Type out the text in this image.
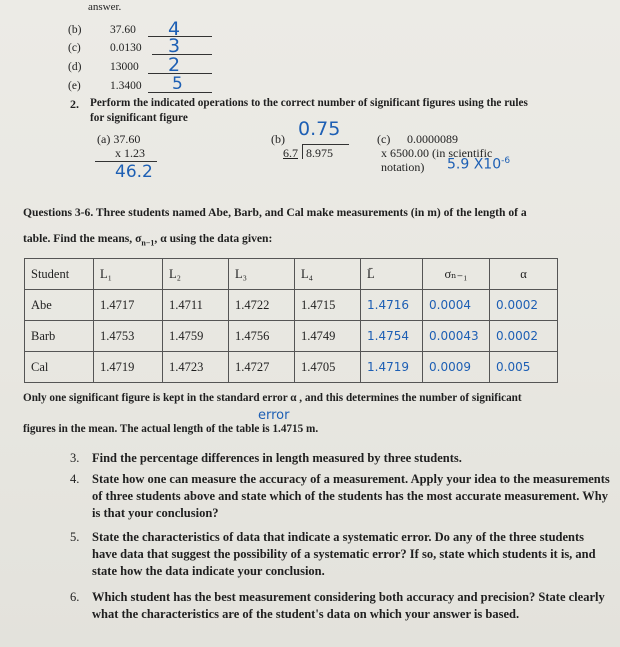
answer.
(b) 37.60 4
(c)	0.0130 3
(d) 13000 2
(e)	1.3400 5
2. Perform the indicated operations to the correct number of significant figures using the rules
for significant figure
(a) 37.60
x 1.23
46.2
(b) 0.75
6.7 8.975
(c) 0.0000089
x 6500.00 (in scientific
notation) 5.9 $X10^{-6}$
Questions 3-6. Three students named Abe, Barb, and Cal make measurements (in m) of the length of a
table. Find the means, $\sigma_{n-1}$, α using the data given:
Student	L₁	L₂	L₃	L₄	L̄	σₙ₋₁	α
Abe	1.4717	1.4711	1.4722	1.4715	1.4716	0.0004	0.0002
Barb	1.4753	1.4759	1.4756	1.4749	1.4754	0.00043	0.0002
Cal	1.4719	1.4723	1.4727	1.4705	1.4719	0.0009	0.005
Only one significant figure is kept in the standard error α , and this determines the number of significant
error
figures in the mean. The actual length of the table is 1.4715 m.
3. Find the percentage differences in length measured by three students.
4. State how one can measure the accuracy of a measurement. Apply your idea to the measurements of three students above and state which of the students has the most accurate measurement. Why is that your conclusion?
5. State the characteristics of data that indicate a systematic error. Do any of the three students have data that suggest the possibility of a systematic error? If so, state which students it is, and state how the data indicate your conclusion.
6. Which student has the best measurement considering both accuracy and precision? State clearly what the characteristics are of the student's data on which your answer is based.
